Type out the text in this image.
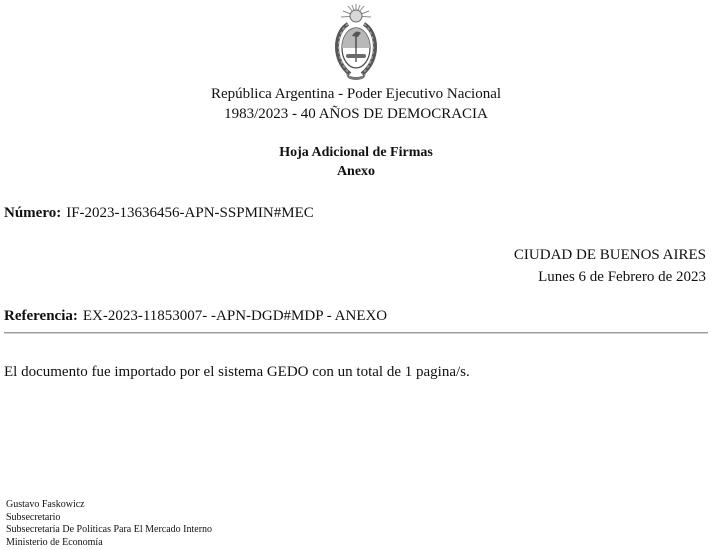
República Argentina - Poder Ejecutivo Nacional
1983/2023 - 40 AÑOS DE DEMOCRACIA
Hoja Adicional de Firmas
Anexo
Número: IF-2023-13636456-APN-SSPMIN#MEC
CIUDAD DE BUENOS AIRES
Lunes 6 de Febrero de 2023
Referencia: EX-2023-11853007- -APN-DGD#MDP - ANEXO
El documento fue importado por el sistema GEDO con un total de 1 pagina/s.
Gustavo Faskowicz
Subsecretario
Subsecretaría De Políticas Para El Mercado Interno
Ministerio de Economía
